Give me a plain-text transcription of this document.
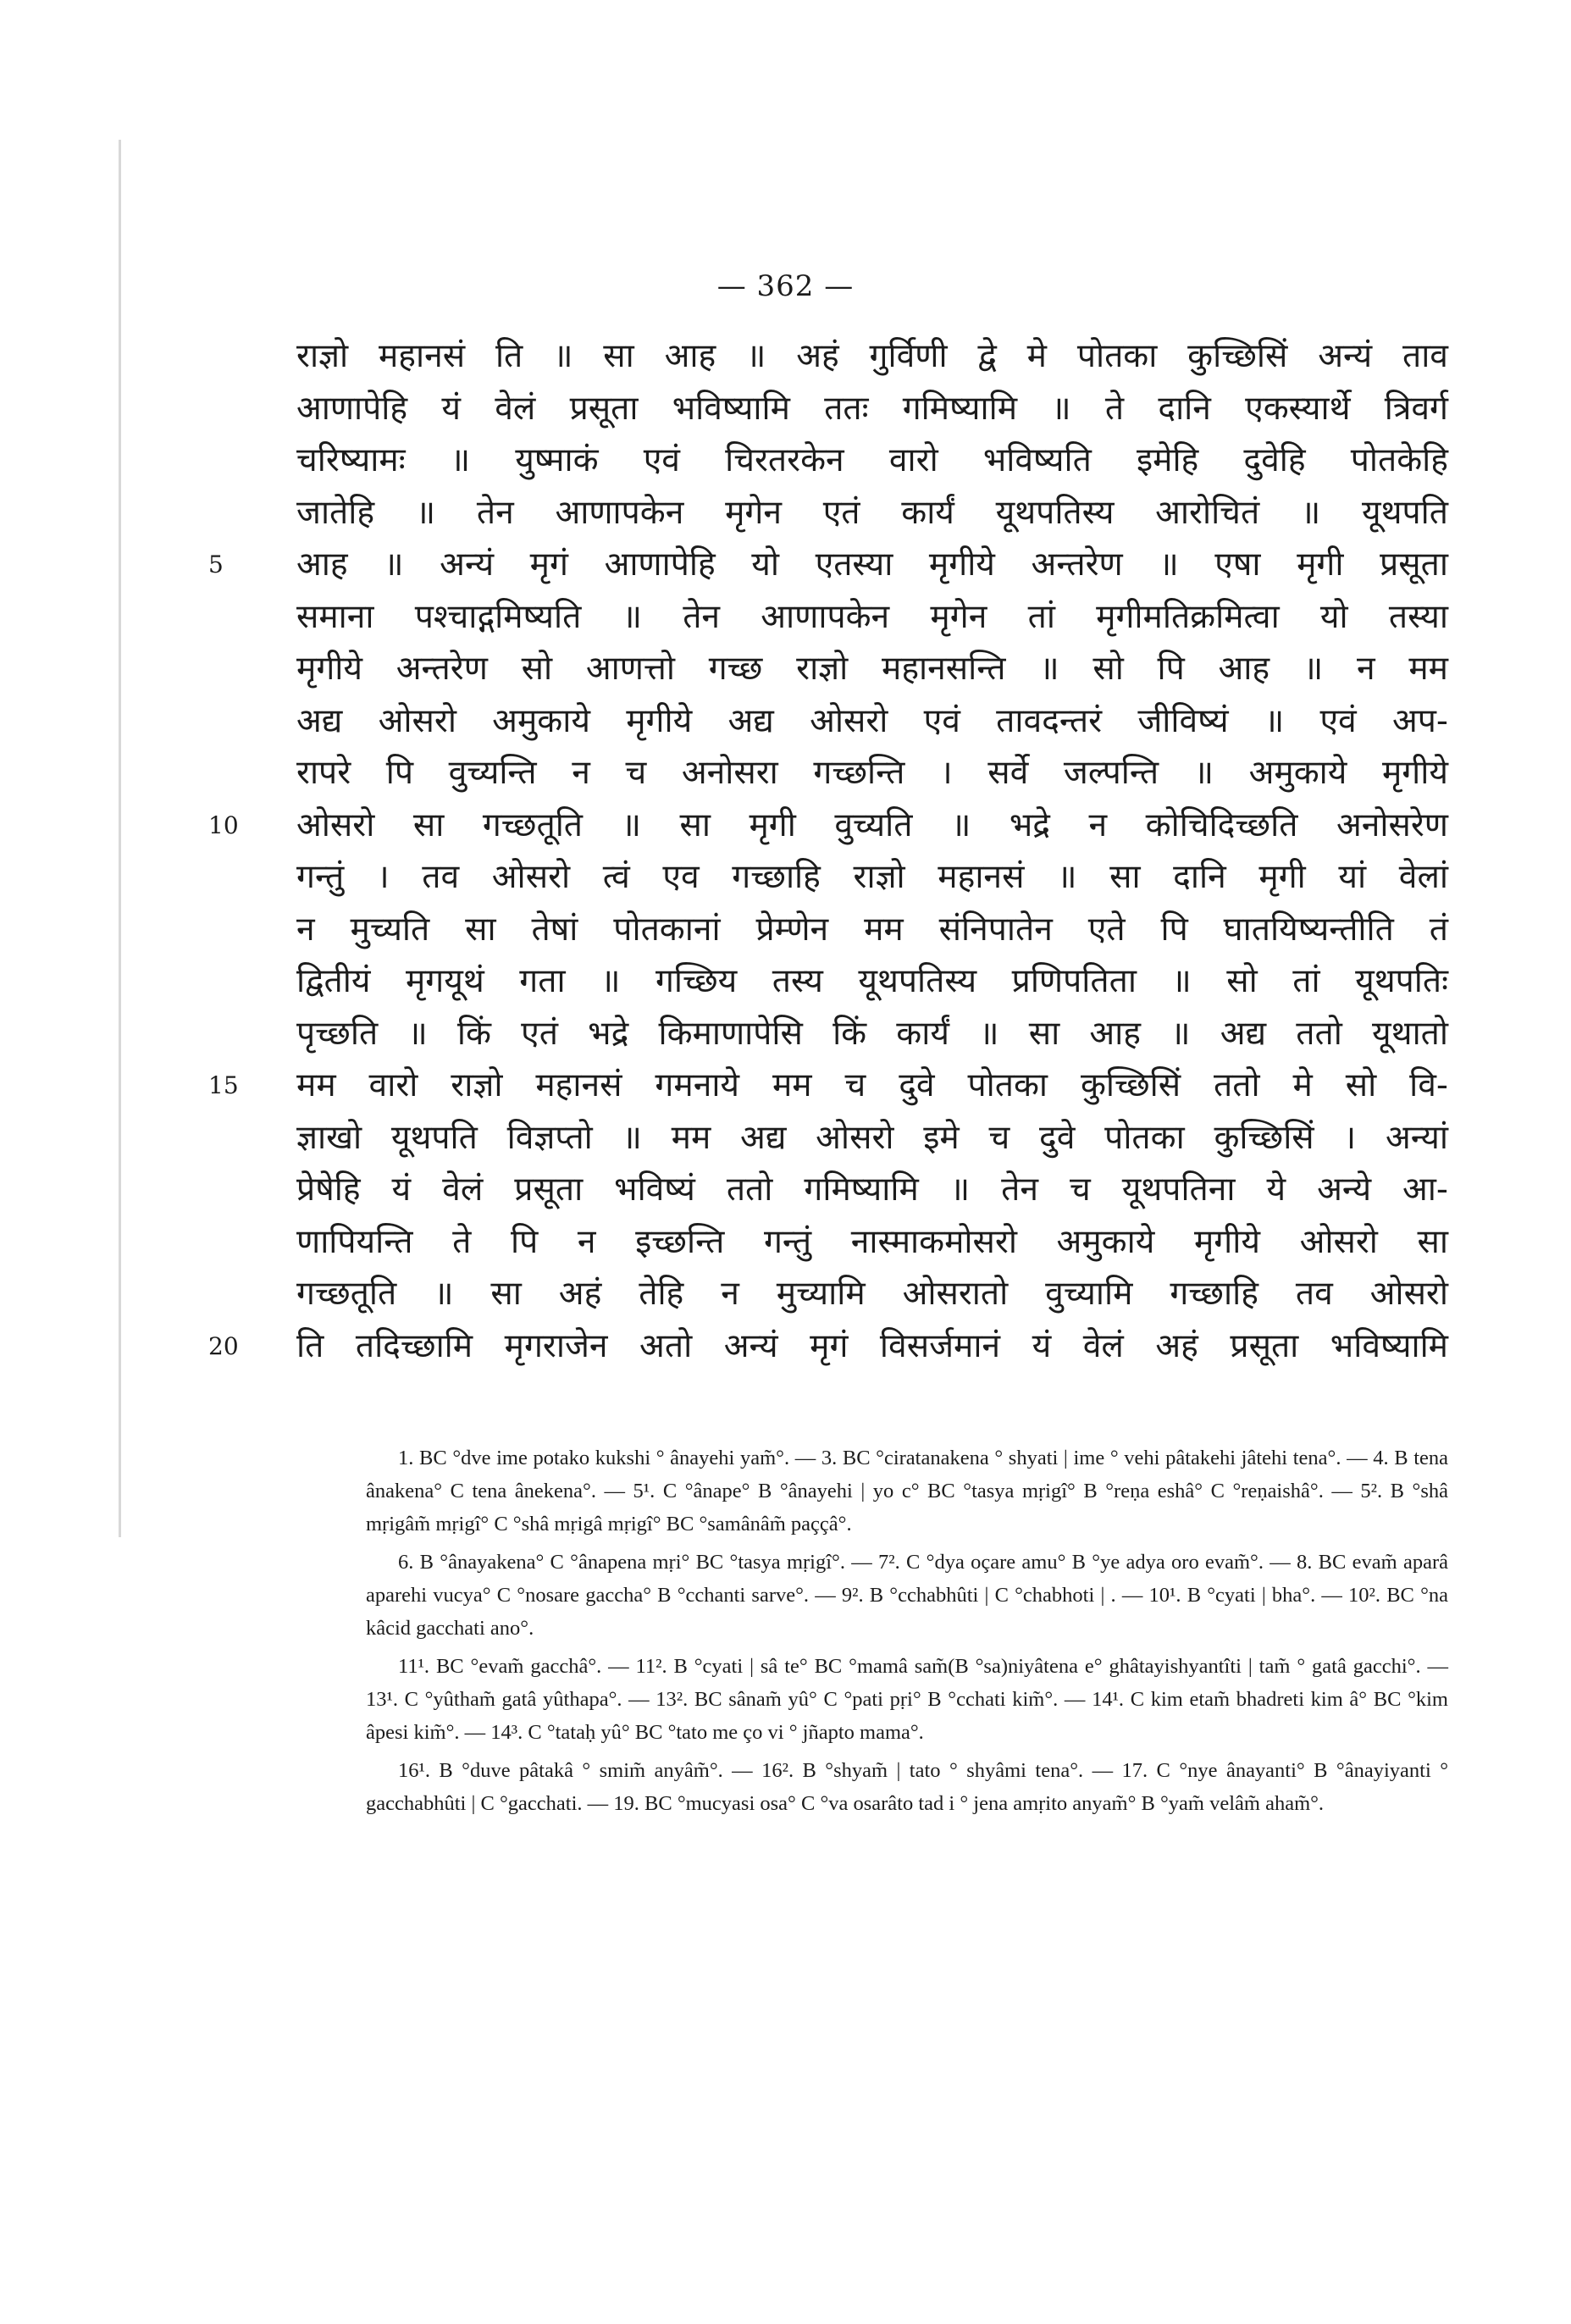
— 362 —
राज्ञो महानसं ति ॥ सा आह ॥ अहं गुर्विणी द्वे मे पोतका कुच्छिसिं अन्यं ताव
आणापेहि यं वेलं प्रसूता भविष्यामि ततः गमिष्यामि ॥ ते दानि एकस्यार्थे त्रिवर्ग
चरिष्यामः ॥ युष्माकं एवं चिरतरकेन वारो भविष्यति इमेहि दुवेहि पोतकेहि
जातेहि ॥ तेन आणापकेन मृगेन एतं कार्यं यूथपतिस्य आरोचितं ॥ यूथपति
5	आह ॥ अन्यं मृगं आणापेहि यो एतस्या मृगीये अन्तरेण ॥ एषा मृगी प्रसूता
समाना पश्चाद्गमिष्यति ॥ तेन आणापकेन मृगेन तां मृगीमतिक्रमित्वा यो तस्या
मृगीये अन्तरेण सो आणत्तो गच्छ राज्ञो महानसन्ति ॥ सो पि आह ॥ न मम
अद्य ओसरो अमुकाये मृगीये अद्य ओसरो एवं तावदन्तरं जीविष्यं ॥ एवं अप-
रापरे पि वुच्यन्ति न च अनोसरा गच्छन्ति । सर्वे जल्पन्ति ॥ अमुकाये मृगीये
10	ओसरो सा गच्छतूति ॥ सा मृगी वुच्यति ॥ भद्रे न कोचिदिच्छति अनोसरेण
गन्तुं । तव ओसरो त्वं एव गच्छाहि राज्ञो महानसं ॥ सा दानि मृगी यां वेलां
न मुच्यति सा तेषां पोतकानां प्रेम्णेन मम संनिपातेन एते पि घातयिष्यन्तीति तं
द्वितीयं मृगयूथं गता ॥ गच्छिय तस्य यूथपतिस्य प्रणिपतिता ॥ सो तां यूथपतिः
पृच्छति ॥ किं एतं भद्रे किमाणापेसि किं कार्यं ॥ सा आह ॥ अद्य ततो यूथातो
15	मम वारो राज्ञो महानसं गमनाये मम च दुवे पोतका कुच्छिसिं ततो मे सो वि-
ज्ञाखो यूथपति विज्ञप्तो ॥ मम अद्य ओसरो इमे च दुवे पोतका कुच्छिसिं । अन्यां
प्रेषेहि यं वेलं प्रसूता भविष्यं ततो गमिष्यामि ॥ तेन च यूथपतिना ये अन्ये आ-
णापियन्ति ते पि न इच्छन्ति गन्तुं नास्माकमोसरो अमुकाये मृगीये ओसरो सा
गच्छतूति ॥ सा अहं तेहि न मुच्यामि ओसरातो वुच्यामि गच्छाहि तव ओसरो
20	ति तदिच्छामि मृगराजेन अतो अन्यं मृगं विसर्जमानं यं वेलं अहं प्रसूता भविष्यामि

1. BC °dve ime potako kukshi ° ânayehi yam̃°. — 3. BC °ciratanakena ° shyati | ime ° vehi pâtakehi jâtehi tena°. — 4. B tena ânakena° C tena ânekena°. — 5¹. C °ânape° B °ânayehi | yo c° BC °tasya mṛigî° B °reṇa eshâ° C °reṇaishâ°. — 5². B °shâ mṛigâm̃ mṛigî° C °shâ mṛigâ mṛigî° BC °samânâm̃ paççâ°.

6. B °ânayakena° C °ânapena mṛi° BC °tasya mṛigî°. — 7². C °dya oçare amu° B °ye adya oro evam̃°. — 8. BC evam̃ aparâ aparehi vucya° C °nosare gaccha° B °cchanti sarve°. — 9². B °cchabhûti | C °chabhoti | . — 10¹. B °cyati | bha°. — 10². BC °na kâcid gacchati ano°.

11¹. BC °evam̃ gacchâ°. — 11². B °cyati | sâ te° BC °mamâ sam̃(B °sa)niyâtena e° ghâtayishyantîti | tam̃ ° gatâ gacchi°. — 13¹. C °yûtham̃ gatâ yûthapa°. — 13². BC sânam̃ yû° C °pati pṛi° B °cchati kim̃°. — 14¹. C kim etam̃ bhadreti kim â° BC °kim âpesi kim̃°. — 14³. C °tataḥ yû° BC °tato me ço vi ° jñapto mama°.

16¹. B °duve pâtakâ ° smim̃ anyâm̃°. — 16². B °shyam̃ | tato ° shyâmi tena°. — 17. C °nye ânayanti° B °ânayiyanti ° gacchabhûti | C °gacchati. — 19. BC °mucyasi osa° C °va osarâto tad i ° jena amṛito anyam̃° B °yam̃ velâm̃ aham̃°.
